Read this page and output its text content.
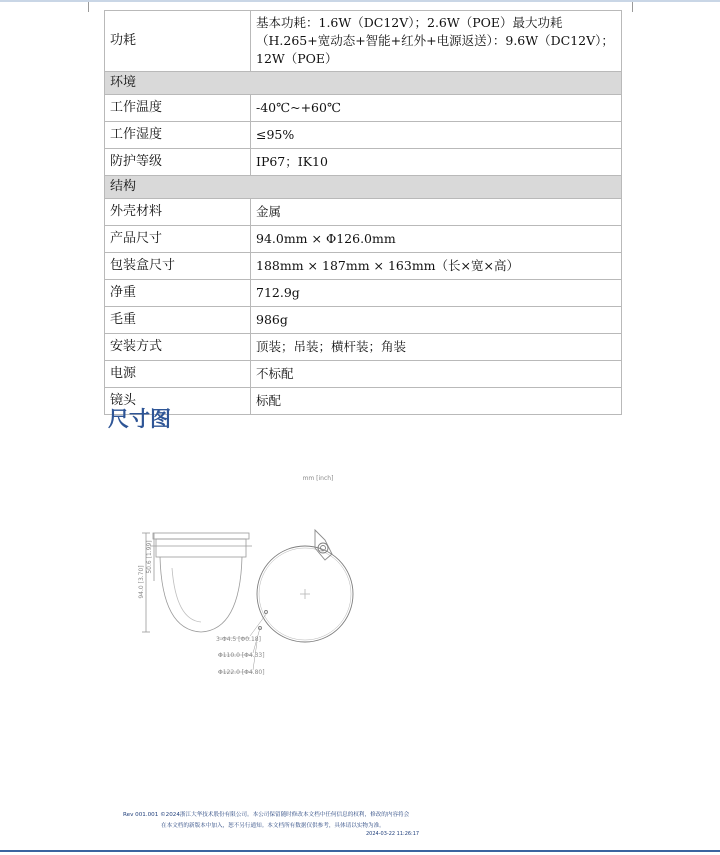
功耗	基本功耗：1.6W（DC12V）；2.6W（POE）最大功耗（H.265+宽动态+智能+红外+电源返送）：9.6W（DC12V）；12W（POE）
环境	
工作温度	-40℃~+60℃
工作湿度	≤95%
防护等级	IP67；IK10
结构	
外壳材料	金属
产品尺寸	94.0mm × Φ126.0mm
包装盒尺寸	188mm × 187mm × 163mm（长×宽×高）
净重	712.9g
毛重	986g
安装方式	顶装；吊装；横杆装；角装
电源	不标配
镜头	标配
尺寸图
mm [inch]
94.0 [3.70]
50.6 [1.99]
3-Φ4.5 [Φ0.18]
Φ110.0 [Φ4.33]
Φ122.0 [Φ4.80]
Rev 001.001 ©2024浙江大华技术股份有限公司。本公司保留随时修改本文档中任何信息的权利，修改的内容将会
在本文档的新版本中加入，恕不另行通知。本文档所有数据仅供参考，具体请以实物为准。
2024-03-22 11:26:17
